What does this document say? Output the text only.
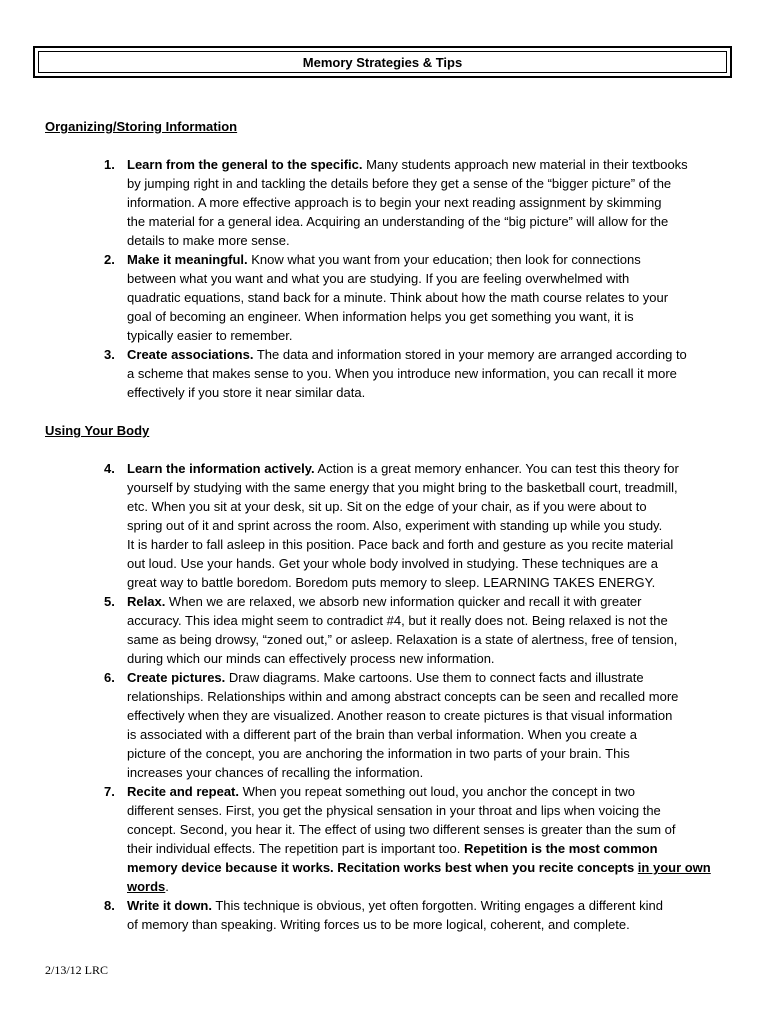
Memory Strategies & Tips
Organizing/Storing Information
1. Learn from the general to the specific. Many students approach new material in their textbooks
by jumping right in and tackling the details before they get a sense of the “bigger picture” of the
information. A more effective approach is to begin your next reading assignment by skimming
the material for a general idea. Acquiring an understanding of the “big picture” will allow for the
details to make more sense.
2. Make it meaningful. Know what you want from your education; then look for connections
between what you want and what you are studying. If you are feeling overwhelmed with
quadratic equations, stand back for a minute. Think about how the math course relates to your
goal of becoming an engineer. When information helps you get something you want, it is
typically easier to remember.
3. Create associations. The data and information stored in your memory are arranged according to
a scheme that makes sense to you. When you introduce new information, you can recall it more
effectively if you store it near similar data.
Using Your Body
4. Learn the information actively. Action is a great memory enhancer. You can test this theory for
yourself by studying with the same energy that you might bring to the basketball court, treadmill,
etc. When you sit at your desk, sit up. Sit on the edge of your chair, as if you were about to
spring out of it and sprint across the room. Also, experiment with standing up while you study.
It is harder to fall asleep in this position. Pace back and forth and gesture as you recite material
out loud. Use your hands. Get your whole body involved in studying. These techniques are a
great way to battle boredom. Boredom puts memory to sleep. LEARNING TAKES ENERGY.
5. Relax. When we are relaxed, we absorb new information quicker and recall it with greater
accuracy. This idea might seem to contradict #4, but it really does not. Being relaxed is not the
same as being drowsy, “zoned out,” or asleep. Relaxation is a state of alertness, free of tension,
during which our minds can effectively process new information.
6. Create pictures. Draw diagrams. Make cartoons. Use them to connect facts and illustrate
relationships. Relationships within and among abstract concepts can be seen and recalled more
effectively when they are visualized. Another reason to create pictures is that visual information
is associated with a different part of the brain than verbal information. When you create a
picture of the concept, you are anchoring the information in two parts of your brain. This
increases your chances of recalling the information.
7. Recite and repeat. When you repeat something out loud, you anchor the concept in two
different senses. First, you get the physical sensation in your throat and lips when voicing the
concept. Second, you hear it. The effect of using two different senses is greater than the sum of
their individual effects. The repetition part is important too. Repetition is the most common
memory device because it works. Recitation works best when you recite concepts in your own
words.
8. Write it down. This technique is obvious, yet often forgotten. Writing engages a different kind
of memory than speaking. Writing forces us to be more logical, coherent, and complete.
2/13/12 LRC
